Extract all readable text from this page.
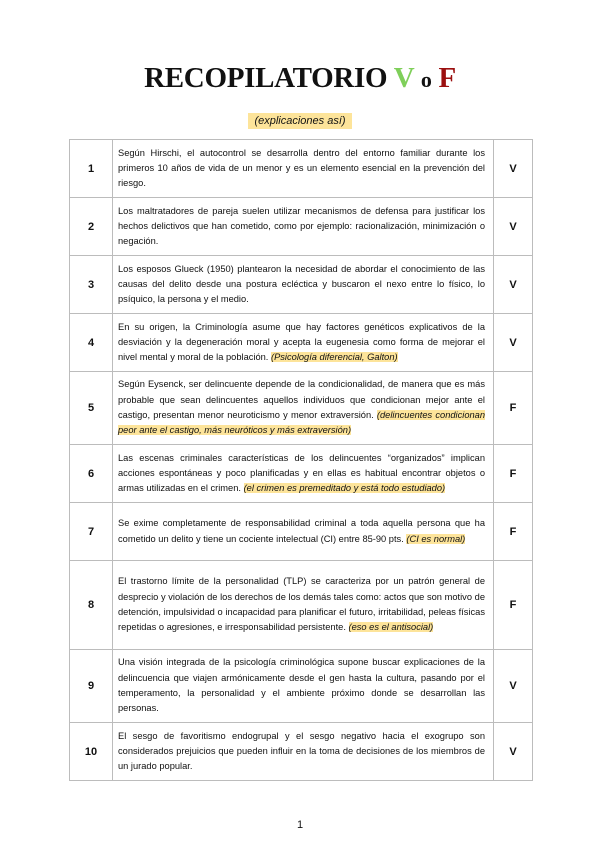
RECOPILATORIO V o F
(explicaciones así)
1	Según Hirschi, el autocontrol se desarrolla dentro del entorno familiar durante los primeros 10 años de vida de un menor y es un elemento esencial en la prevención del riesgo.	V
2	Los maltratadores de pareja suelen utilizar mecanismos de defensa para justificar los hechos delictivos que han cometido, como por ejemplo: racionalización, minimización o negación.	V
3	Los esposos Glueck (1950) plantearon la necesidad de abordar el conocimiento de las causas del delito desde una postura ecléctica y buscaron el nexo entre lo físico, lo psíquico, la persona y el medio.	V
4	En su origen, la Criminología asume que hay factores genéticos explicativos de la desviación y la degeneración moral y acepta la eugenesia como forma de mejorar el nivel mental y moral de la población. (Psicología diferencial, Galton)	V
5	Según Eysenck, ser delincuente depende de la condicionalidad, de manera que es más probable que sean delincuentes aquellos individuos que condicionan mejor ante el castigo, presentan menor neuroticismo y menor extraversión. (delincuentes condicionan peor ante el castigo, más neuróticos y más extraversión)	F
6	Las escenas criminales características de los delincuentes “organizados” implican acciones espontáneas y poco planificadas y en ellas es habitual encontrar objetos o armas utilizadas en el crimen. (el crimen es premeditado y está todo estudiado)	F
7	Se exime completamente de responsabilidad criminal a toda aquella persona que ha cometido un delito y tiene un cociente intelectual (CI) entre 85-90 pts. (CI es normal)	F
8	El trastorno límite de la personalidad (TLP) se caracteriza por un patrón general de desprecio y violación de los derechos de los demás tales como: actos que son motivo de detención, impulsividad o incapacidad para planificar el futuro, irritabilidad, peleas físicas repetidas o agresiones, e irresponsabilidad persistente. (eso es el antisocial)	F
9	Una visión integrada de la psicología criminológica supone buscar explicaciones de la delincuencia que viajen armónicamente desde el gen hasta la cultura, pasando por el temperamento, la personalidad y el ambiente próximo donde se desarrollan las personas.	V
10	El sesgo de favoritismo endogrupal y el sesgo negativo hacia el exogrupo son considerados prejuicios que pueden influir en la toma de decisiones de los miembros de un jurado popular.	V
1
